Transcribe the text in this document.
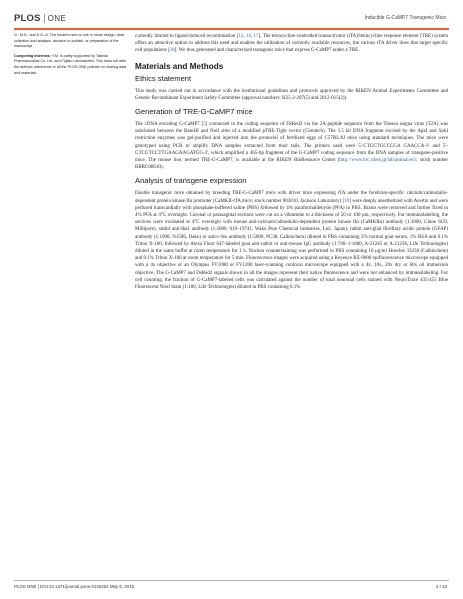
PLOS ONE	Inducible G-CaMP7 Transgenic Mice

N., M.D., and K.G.-A. The funders had no role in study design, data collection and analysis, decision to publish, or preparation of the manuscript.

Competing Interests: Y.M. is partly supported by Takeda Pharmaceutical Co. Ltd. and Fujitsu Laboratories. This does not alter the authors' adherence to all the PLOS ONE policies on sharing data and materials.

currently limited to ligand-induced recombination [12, 16, 17]. The tetracycline-controlled transactivator (tTA)/tetracycline response element (TRE) system offers an attractive option to address this need and enables the utilization of currently available resources, the various tTA driver lines that target specific cell populations [18]. We thus generated and characterized transgenic mice that express G-CaMP7 under a TRE.

Materials and Methods
Ethics statement

This study was carried out in accordance with the institutional guidelines and protocols approved by the RIKEN Animal Experiments Committee and Genetic Recombinant Experiment Safety Committee (approval numbers: H25-2-207(5) and 2012-015(2)).

Generation of TRE-G-CaMP7 mice

The cDNA encoding G-CaMP7 [5] connected to the coding sequence of DsRed2 via the 2A peptide sequence from the Thosea asigna virus (T2A) was subcloned between the BamHI and NotI sites of a modified pTRE-Tight vector (Clontech). The 3.5 kb DNA fragment excised by the ApaI and SphI restriction enzymes was gel-purified and injected into the pronuclei of fertilized eggs of C57BL/6J mice using standard techniques. The mice were genotyped using PCR to amplify DNA samples extracted from their tails. The primers used were 5'-CTGCTGCCCGA CAACCA-3' and 5'-GTCGTCCTTGAAGAAGATGG-3', which amplified a 465-bp fragment of the G-CaMP7 coding sequence from the DNA samples of transgene-positive mice. The mouse line, termed TRE-G-CaMP7, is available at the RIKEN BioResource Center (http://www.brc.riken.jp/lab/animal/en/; stock number RBRC08610).

Analysis of transgene expression

Double transgenic mice obtained by breeding TRE-G-CaMP7 mice with driver mice expressing tTA under the forebrain-specific calcium/calmodulin-dependent protein kinase IIα promoter (CaMKII-tTA mice; stock number 003010, Jackson Laboratory) [19] were deeply anesthetized with Avertin and were perfused transcardially with phosphate-buffered saline (PBS) followed by 4% paraformaldehyde (PFA) in PBS. Brains were removed and further fixed in 4% PFA at 4°C overnight. Coronal or parasagittal sections were cut on a vibratome to a thickness of 50 or 100 μm, respectively. For immunolabeling, the sections were incubated at 4°C overnight with mouse anti-calcium/calmodulin-dependent protein kinase IIα (CaMKIIα) antibody (1:1000, Clone 6G9, Millipore), rabbit anti-Iba1 antibody (1:2000, 019–19741, Wako Pure Chemical Industries, Ltd., Japan), rabbit anti-glial fibrillary acidic protein (GFAP) antibody (1:1000, N1506, Dako) or anti-c-fos antibody (1:5000, PC38, Calbiochem) diluted in PBS containing 2% normal goat serum, 1% BSA and 0.1% Triton X-100, followed by Alexa Fluor 647-labeled goat anti-rabbit or anti-mouse IgG antibody (1:700–1:1000, A-21245 or A-21236, Life Technologies) diluted in the same buffer at room temperature for 1 h. Nuclear counterstaining was performed in PBS containing 10 μg/ml Hoechst 33258 (Calbiochem) and 0.1% Triton X-100 at room temperature for 5 min. Fluorescence images were acquired using a Keyence BZ-9000 epifluorescence microscope equipped with a 4x objective or an Olympus FV1000 or FV1200 laser-scanning confocal microscope equipped with a 4x, 10x, 20x dry or 60x oil immersion objective. The G-CaMP7 and DsRed2 signals shown in all the images represent their native fluorescence and were not enhanced by immunolabeling. For cell counting, the fraction of G-CaMP7-labeled cells was calculated against the number of total neuronal cells stained with NeuroTrace 435/455 Blue Fluorescent Nissl Stain (1:100, Life Technologies) diluted in PBS containing 0.1%

PLOS ONE | DOI:10.1371/journal.pone.0125354 May 6, 2015	2 / 13
